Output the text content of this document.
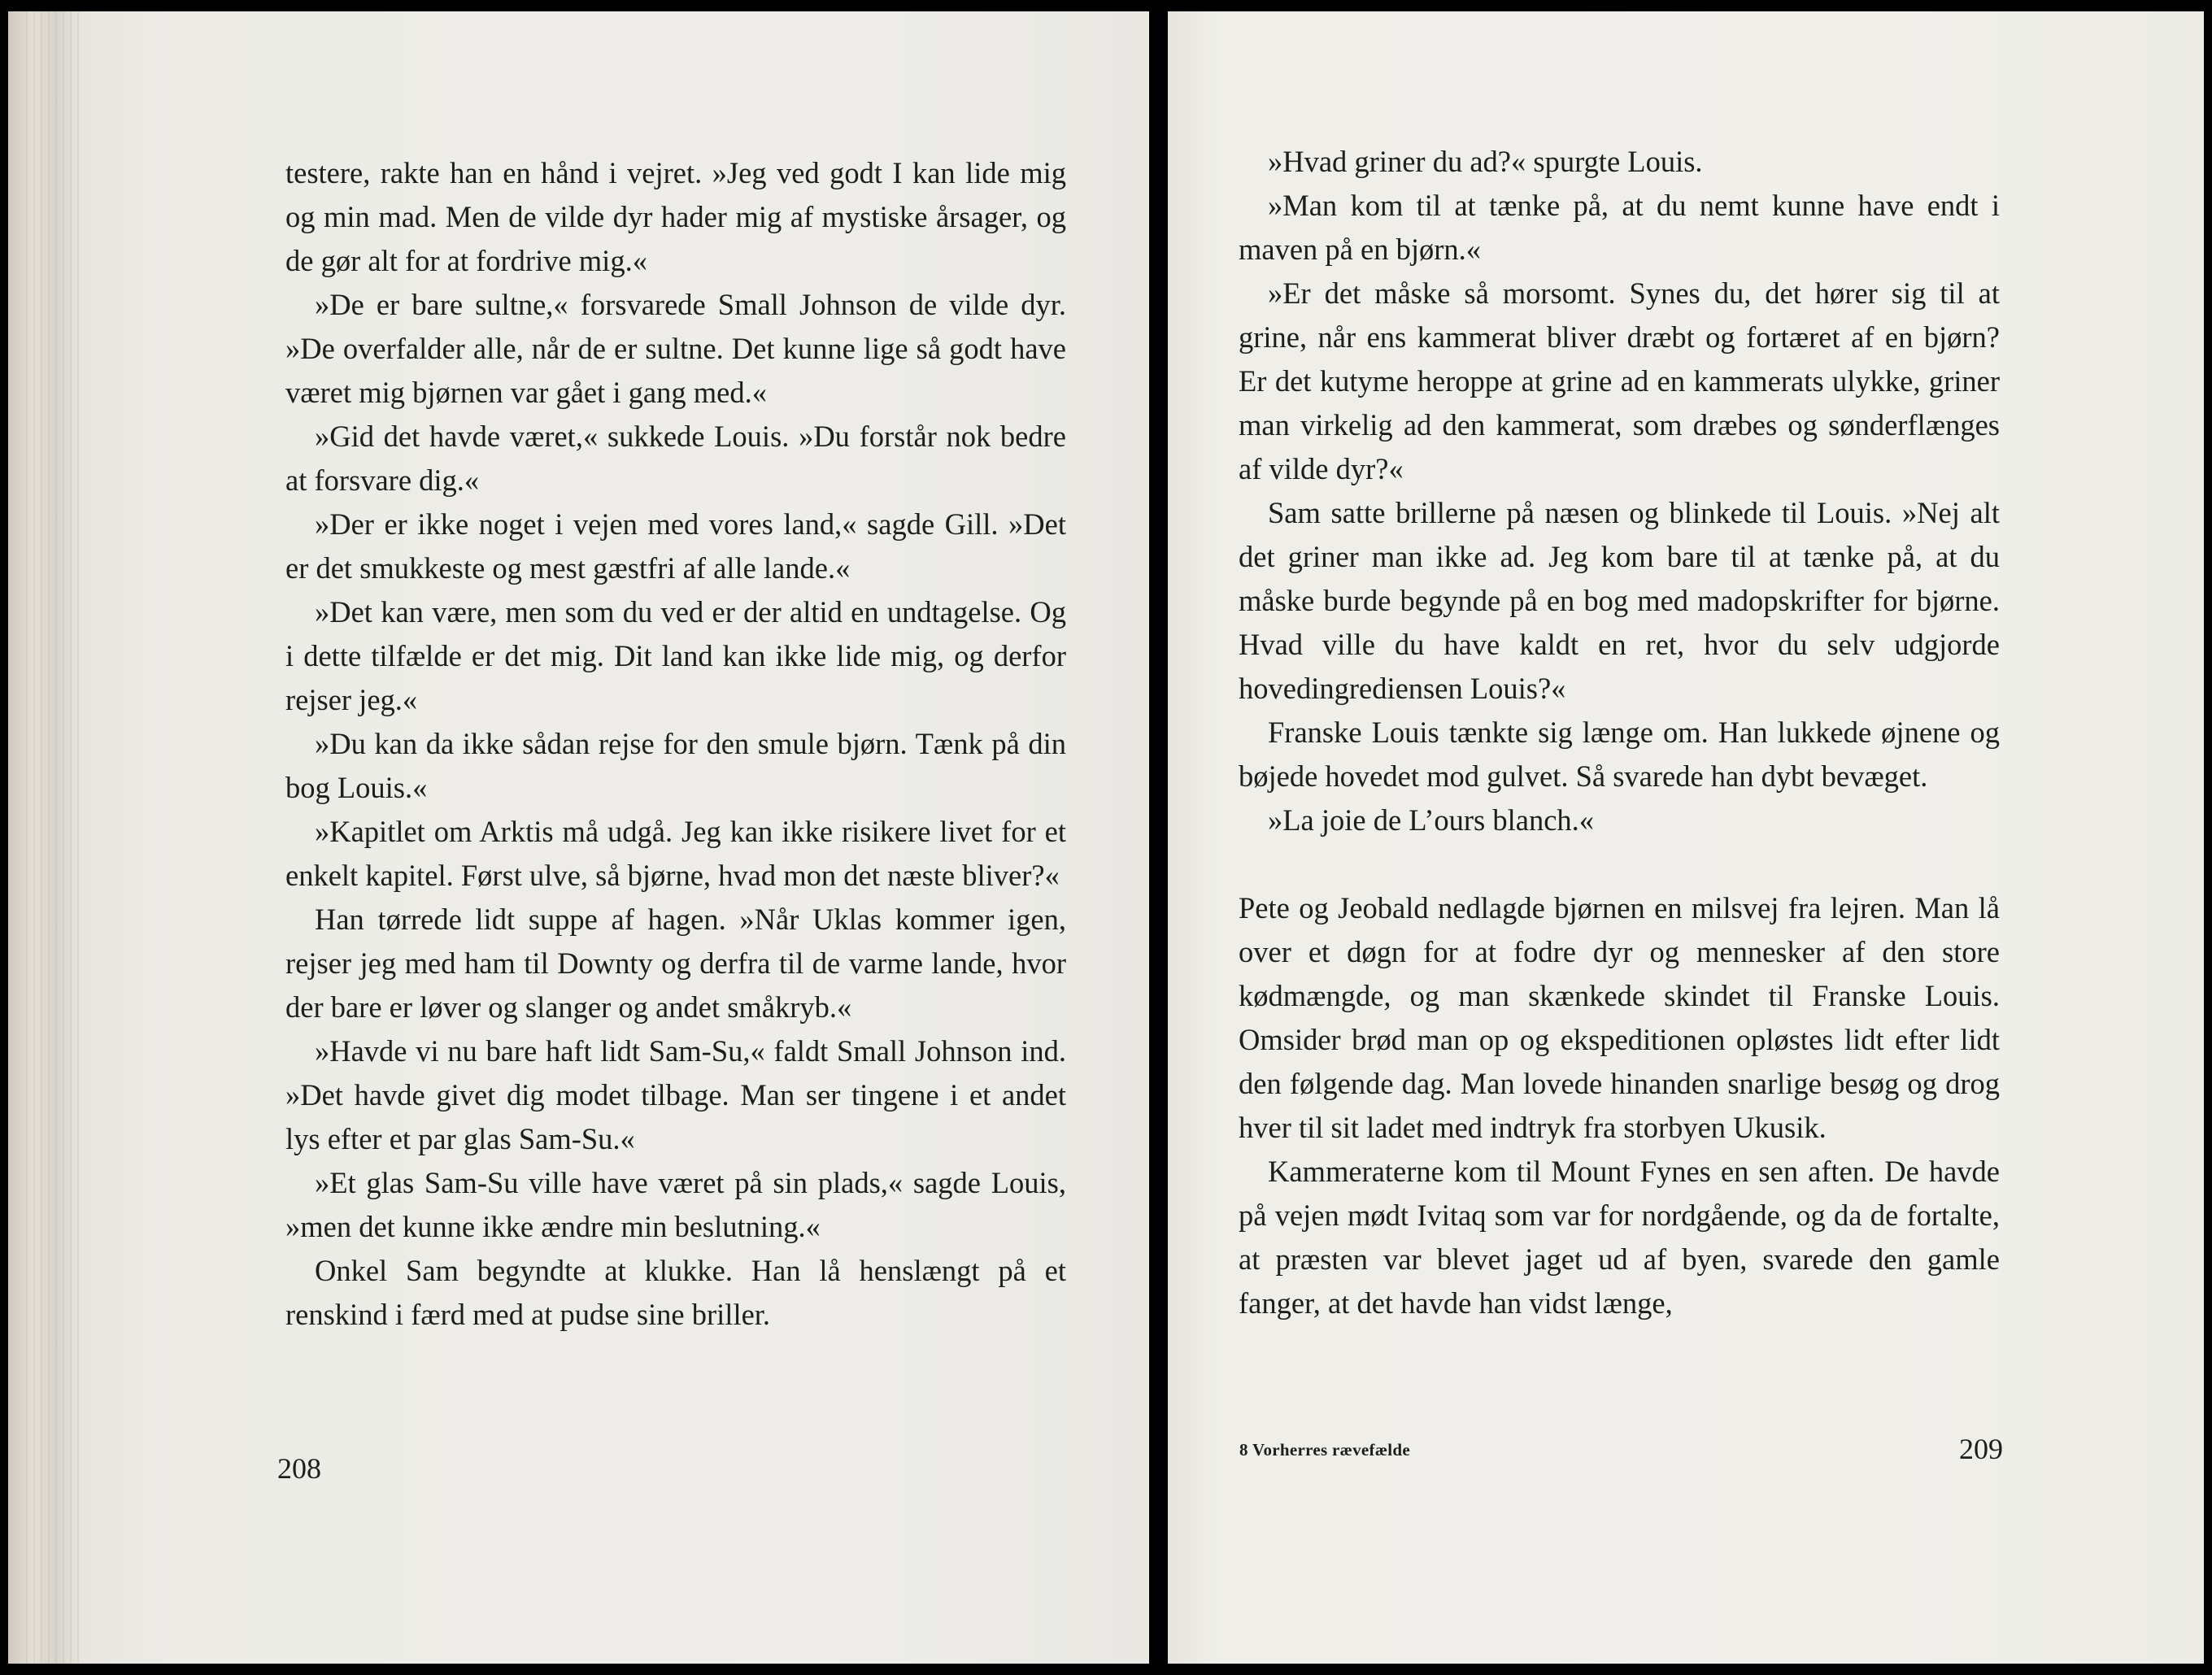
testere, rakte han en hånd i vejret. »Jeg ved godt I kan lide mig og min mad. Men de vilde dyr hader mig af mystiske årsager, og de gør alt for at fordrive mig.«

»De er bare sultne,« forsvarede Small Johnson de vilde dyr. »De overfalder alle, når de er sultne. Det kunne lige så godt have været mig bjørnen var gået i gang med.«

»Gid det havde været,« sukkede Louis. »Du forstår nok bedre at forsvare dig.«

»Der er ikke noget i vejen med vores land,« sagde Gill. »Det er det smukkeste og mest gæstfri af alle lande.«

»Det kan være, men som du ved er der altid en undtagelse. Og i dette tilfælde er det mig. Dit land kan ikke lide mig, og derfor rejser jeg.«

»Du kan da ikke sådan rejse for den smule bjørn. Tænk på din bog Louis.«

»Kapitlet om Arktis må udgå. Jeg kan ikke risikere livet for et enkelt kapitel. Først ulve, så bjørne, hvad mon det næste bliver?«

Han tørrede lidt suppe af hagen. »Når Uklas kommer igen, rejser jeg med ham til Downty og derfra til de varme lande, hvor der bare er løver og slanger og andet småkryb.«

»Havde vi nu bare haft lidt Sam-Su,« faldt Small Johnson ind. »Det havde givet dig modet tilbage. Man ser tingene i et andet lys efter et par glas Sam-Su.«

»Et glas Sam-Su ville have været på sin plads,« sagde Louis, »men det kunne ikke ændre min beslutning.«

Onkel Sam begyndte at klukke. Han lå henslængt på et renskind i færd med at pudse sine briller.

208

»Hvad griner du ad?« spurgte Louis.

»Man kom til at tænke på, at du nemt kunne have endt i maven på en bjørn.«

»Er det måske så morsomt. Synes du, det hører sig til at grine, når ens kammerat bliver dræbt og fortæret af en bjørn? Er det kutyme heroppe at grine ad en kammerats ulykke, griner man virkelig ad den kammerat, som dræbes og sønderflænges af vilde dyr?«

Sam satte brillerne på næsen og blinkede til Louis. »Nej alt det griner man ikke ad. Jeg kom bare til at tænke på, at du måske burde begynde på en bog med madopskrifter for bjørne. Hvad ville du have kaldt en ret, hvor du selv udgjorde hovedingrediensen Louis?«

Franske Louis tænkte sig længe om. Han lukkede øjnene og bøjede hovedet mod gulvet. Så svarede han dybt bevæget.

»La joie de L’ours blanch.«

Pete og Jeobald nedlagde bjørnen en milsvej fra lejren. Man lå over et døgn for at fodre dyr og mennesker af den store kødmængde, og man skænkede skindet til Franske Louis. Omsider brød man op og ekspeditionen opløstes lidt efter lidt den følgende dag. Man lovede hinanden snarlige besøg og drog hver til sit ladet med indtryk fra storbyen Ukusik.

Kammeraterne kom til Mount Fynes en sen aften. De havde på vejen mødt Ivitaq som var for nordgående, og da de fortalte, at præsten var blevet jaget ud af byen, svarede den gamle fanger, at det havde han vidst længe,

8 Vorherres rævefælde	209
